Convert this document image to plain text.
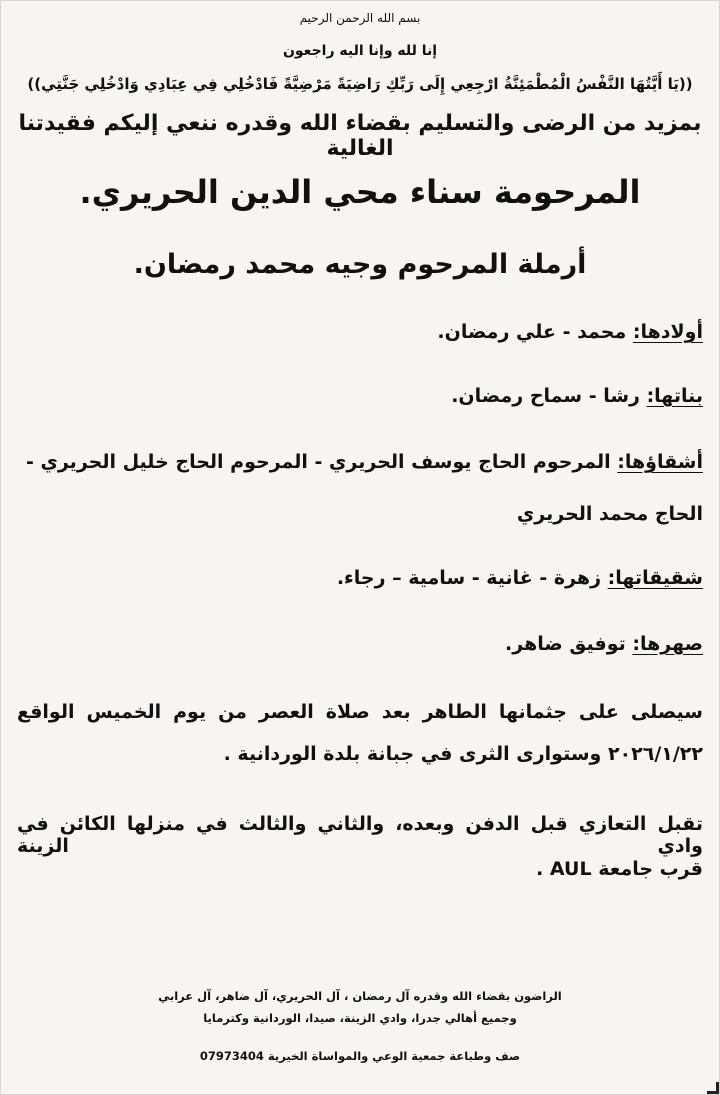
بسم الله الرحمن الرحيم
إنا لله وإنا اليه راجعون
((يَا أَيَّتُهَا النَّفْسُ الْمُطْمَئِنَّةُ ارْجِعِي إِلَى رَبِّكِ رَاضِيَةً مَرْضِيَّةً فَادْخُلِي فِي عِبَادِي وَادْخُلِي جَنَّتِي))
بمزيد من الرضى والتسليم بقضاء الله وقدره ننعي إليكم فقيدتنا الغالية
المرحومة سناء محي الدين الحريري.
أرملة المرحوم وجيه محمد رمضان.
أولادها: محمد - علي رمضان.
بناتها: رشا - سماح رمضان.
أشقاؤها: المرحوم الحاج يوسف الحريري - المرحوم الحاج خليل الحريري -
الحاج محمد الحريري
شقيقاتها: زهرة - غانية - سامية – رجاء.
صهرها: توفيق ضاهر.
سيصلى على جثمانها الطاهر بعد صلاة العصر من يوم الخميس الواقع
٢٠٢٦/١/٢٢ وستوارى الثرى في جبانة بلدة الوردانية .
تقبل التعازي قبل الدفن وبعده، والثاني والثالث في منزلها الكائن في وادي الزينة
قرب جامعة AUL .
الراضون بقضاء الله وقدره آل رمضان ، آل الحريري، آل ضاهر، آل عرابي
وجميع أهالي جدرا، وادي الزينة، صيدا، الوردانية وكترمايا
صف وطباعة جمعية الوعي والمواساة الخيرية 07973404
